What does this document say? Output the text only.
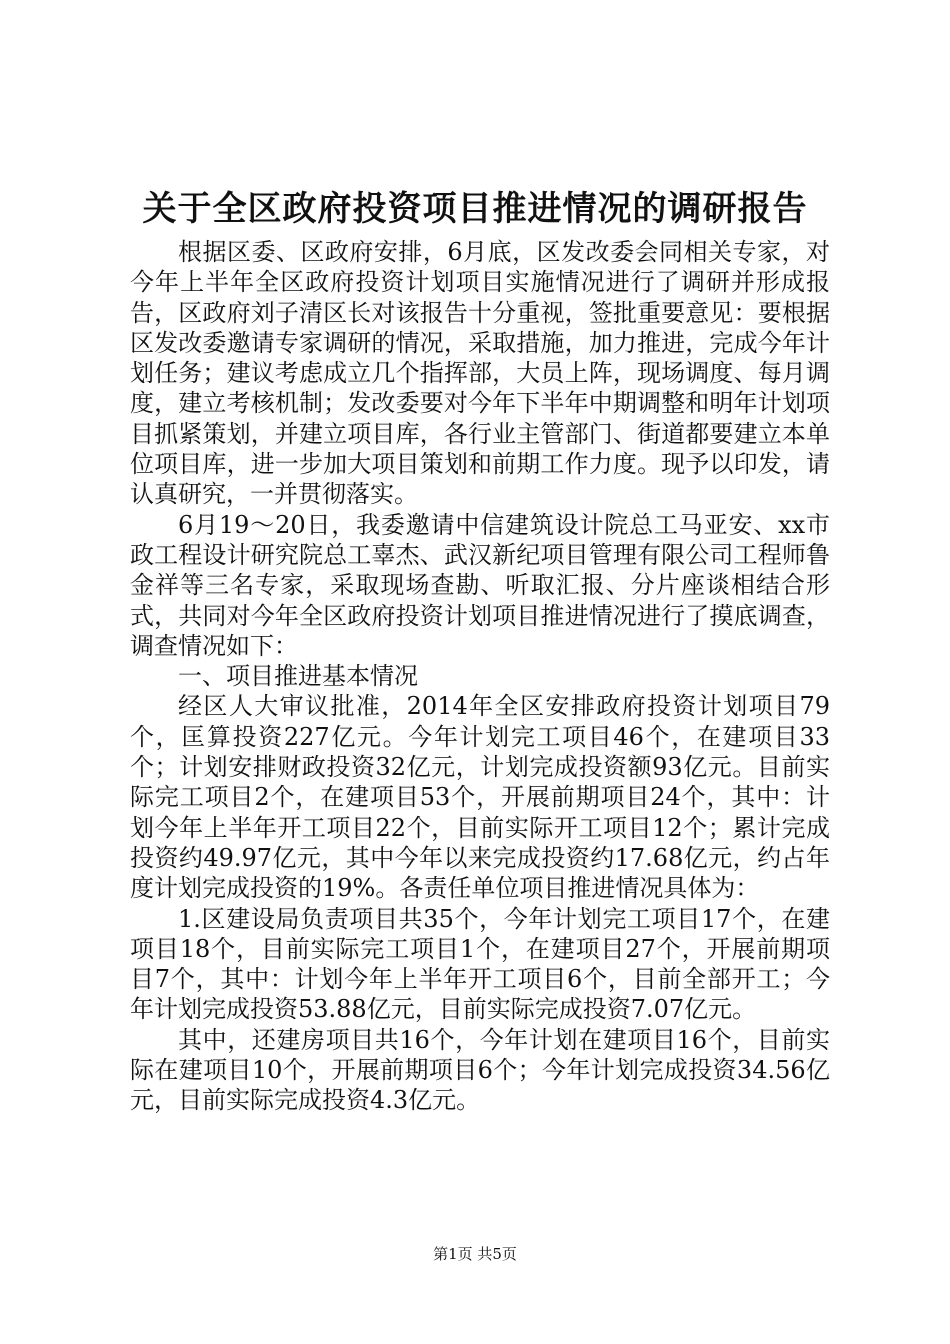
关于全区政府投资项目推进情况的调研报告

根据区委、区政府安排，6月底，区发改委会同相关专家，对今年上半年全区政府投资计划项目实施情况进行了调研并形成报告，区政府刘子清区长对该报告十分重视，签批重要意见：要根据区发改委邀请专家调研的情况，采取措施，加力推进，完成今年计划任务；建议考虑成立几个指挥部，大员上阵，现场调度、每月调度，建立考核机制；发改委要对今年下半年中期调整和明年计划项目抓紧策划，并建立项目库，各行业主管部门、街道都要建立本单位项目库，进一步加大项目策划和前期工作力度。现予以印发，请认真研究，一并贯彻落实。

6月19～20日，我委邀请中信建筑设计院总工马亚安、xx市政工程设计研究院总工辜杰、武汉新纪项目管理有限公司工程师鲁金祥等三名专家，采取现场查勘、听取汇报、分片座谈相结合形式，共同对今年全区政府投资计划项目推进情况进行了摸底调查，调查情况如下：

一、项目推进基本情况

经区人大审议批准，2014年全区安排政府投资计划项目79个，匡算投资227亿元。今年计划完工项目46个，在建项目33个；计划安排财政投资32亿元，计划完成投资额93亿元。目前实际完工项目2个，在建项目53个，开展前期项目24个，其中：计划今年上半年开工项目22个，目前实际开工项目12个；累计完成投资约49.97亿元，其中今年以来完成投资约17.68亿元，约占年度计划完成投资的19%。各责任单位项目推进情况具体为：

1.区建设局负责项目共35个，今年计划完工项目17个，在建项目18个，目前实际完工项目1个，在建项目27个，开展前期项目7个，其中：计划今年上半年开工项目6个，目前全部开工；今年计划完成投资53.88亿元，目前实际完成投资7.07亿元。

其中，还建房项目共16个，今年计划在建项目16个，目前实际在建项目10个，开展前期项目6个；今年计划完成投资34.56亿元，目前实际完成投资4.3亿元。

第1页 共5页
